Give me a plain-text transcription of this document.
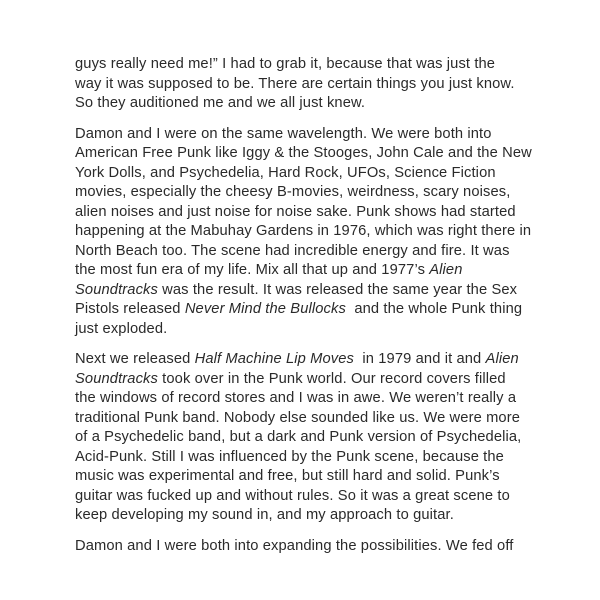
guys really need me!” I had to grab it, because that was just the
way it was supposed to be. There are certain things you just know.
So they auditioned me and we all just knew.

Damon and I were on the same wavelength. We were both into
American Free Punk like Iggy & the Stooges, John Cale and the New
York Dolls, and Psychedelia, Hard Rock, UFOs, Science Fiction
movies, especially the cheesy B-movies, weirdness, scary noises,
alien noises and just noise for noise sake. Punk shows had started
happening at the Mabuhay Gardens in 1976, which was right there in
North Beach too. The scene had incredible energy and fire. It was
the most fun era of my life. Mix all that up and 1977’s Alien
Soundtracks was the result. It was released the same year the Sex
Pistols released Never Mind the Bullocks  and the whole Punk thing
just exploded.

Next we released Half Machine Lip Moves  in 1979 and it and Alien
Soundtracks took over in the Punk world. Our record covers filled
the windows of record stores and I was in awe. We weren’t really a
traditional Punk band. Nobody else sounded like us. We were more
of a Psychedelic band, but a dark and Punk version of Psychedelia,
Acid-Punk. Still I was influenced by the Punk scene, because the
music was experimental and free, but still hard and solid. Punk’s
guitar was fucked up and without rules. So it was a great scene to
keep developing my sound in, and my approach to guitar.

Damon and I were both into expanding the possibilities. We fed off
